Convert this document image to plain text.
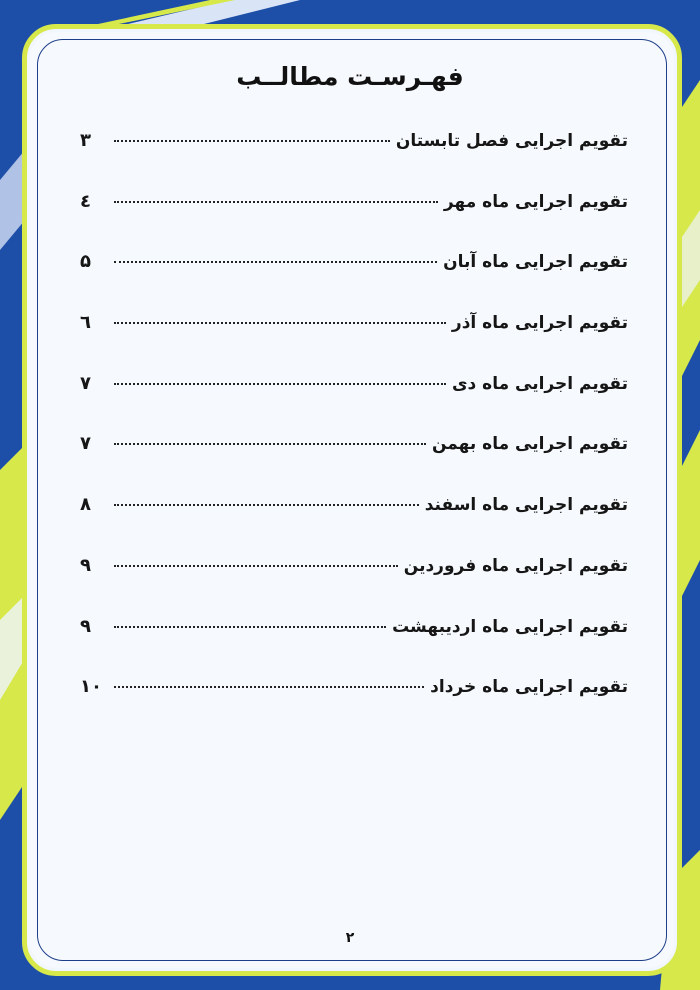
فهـرسـت مطالــب
تقویم اجرایی فصل تابستان
۳
تقویم اجرایی ماه مهر
٤
تقویم اجرایی ماه آبان
۵
تقویم اجرایی ماه آذر
٦
تقویم اجرایی ماه دی
۷
تقویم اجرایی ماه بهمن
۷
تقویم اجرایی ماه اسفند
۸
تقویم اجرایی ماه فروردین
۹
تقویم اجرایی ماه اردیبهشت
۹
تقویم اجرایی ماه خرداد
۱۰
۲
